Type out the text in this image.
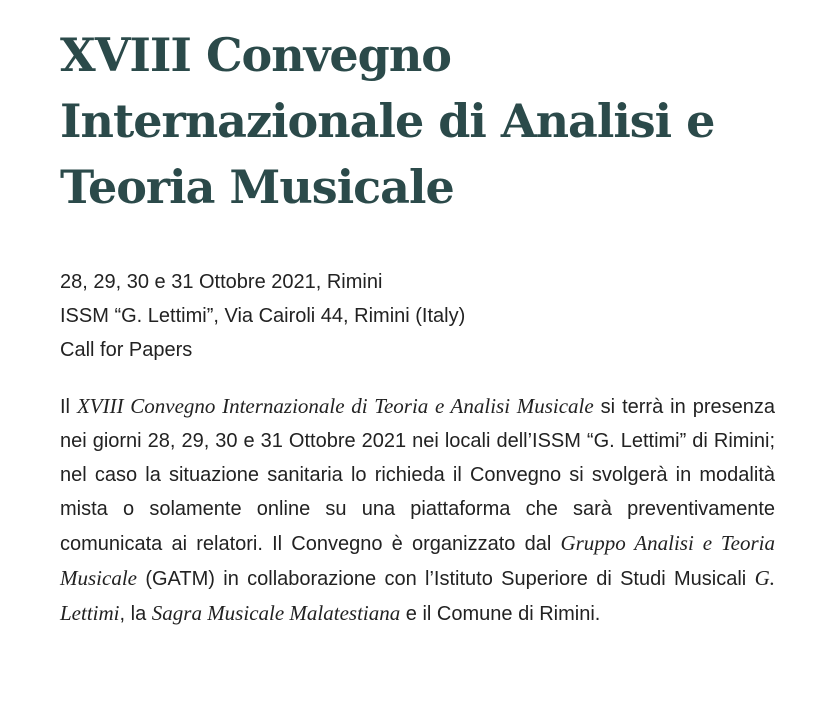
XVIII Convegno Internazionale di Analisi e Teoria Musicale
28, 29, 30 e 31 Ottobre 2021, Rimini
ISSM “G. Lettimi”, Via Cairoli 44, Rimini (Italy)
Call for Papers

Il XVIII Convegno Internazionale di Teoria e Analisi Musicale si terrà in presenza nei giorni 28, 29, 30 e 31 Ottobre 2021 nei locali dell’ISSM “G. Lettimi” di Rimini; nel caso la situazione sanitaria lo richieda il Convegno si svolgerà in modalità mista o solamente online su una piattaforma che sarà preventivamente comunicata ai relatori. Il Convegno è organizzato dal Gruppo Analisi e Teoria Musicale (GATM) in collaborazione con l’Istituto Superiore di Studi Musicali G. Lettimi, la Sagra Musicale Malatestiana e il Comune di Rimini.
